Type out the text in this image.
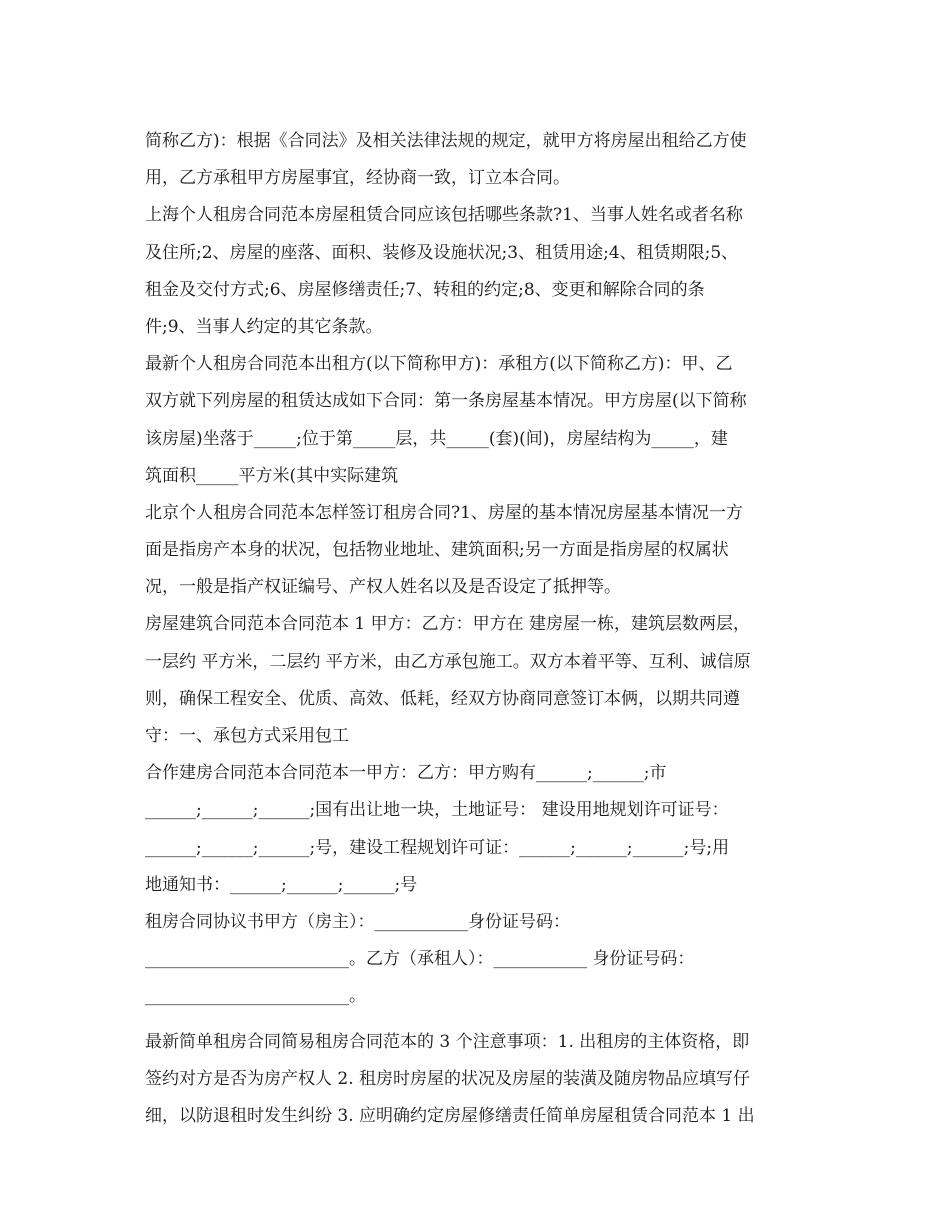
简称乙方)：根据《合同法》及相关法律法规的规定，就甲方将房屋出租给乙方使
用，乙方承租甲方房屋事宜，经协商一致，订立本合同。
上海个人租房合同范本房屋租赁合同应该包括哪些条款?1、当事人姓名或者名称
及住所;2、房屋的座落、面积、装修及设施状况;3、租赁用途;4、租赁期限;5、
租金及交付方式;6、房屋修缮责任;7、转租的约定;8、变更和解除合同的条
件;9、当事人约定的其它条款。
最新个人租房合同范本出租方(以下简称甲方)：承租方(以下简称乙方)：甲、乙
双方就下列房屋的租赁达成如下合同：第一条房屋基本情况。甲方房屋(以下简称
该房屋)坐落于_____;位于第_____层，共_____(套)(间)，房屋结构为_____，建
筑面积_____平方米(其中实际建筑
北京个人租房合同范本怎样签订租房合同?1、房屋的基本情况房屋基本情况一方
面是指房产本身的状况，包括物业地址、建筑面积;另一方面是指房屋的权属状
况，一般是指产权证编号、产权人姓名以及是否设定了抵押等。
房屋建筑合同范本合同范本 1 甲方：乙方：甲方在 建房屋一栋，建筑层数两层，
一层约 平方米，二层约 平方米，由乙方承包施工。双方本着平等、互利、诚信原
则，确保工程安全、优质、高效、低耗，经双方协商同意签订本俩，以期共同遵
守：一、承包方式采用包工
合作建房合同范本合同范本一甲方：乙方：甲方购有______;______;市
______;______;______;国有出让地一块，土地证号： 建设用地规划许可证号：
______;______;______;号，建设工程规划许可证：______;______;______;号;用
地通知书：______;______;______;号
租房合同协议书甲方（房主）：___________身份证号码：
________________________。乙方（承租人）：___________ 身份证号码：
________________________。
最新简单租房合同简易租房合同范本的 3 个注意事项：1. 出租房的主体资格，即
签约对方是否为房产权人 2. 租房时房屋的状况及房屋的装潢及随房物品应填写仔
细，以防退租时发生纠纷 3. 应明确约定房屋修缮责任简单房屋租赁合同范本 1 出
